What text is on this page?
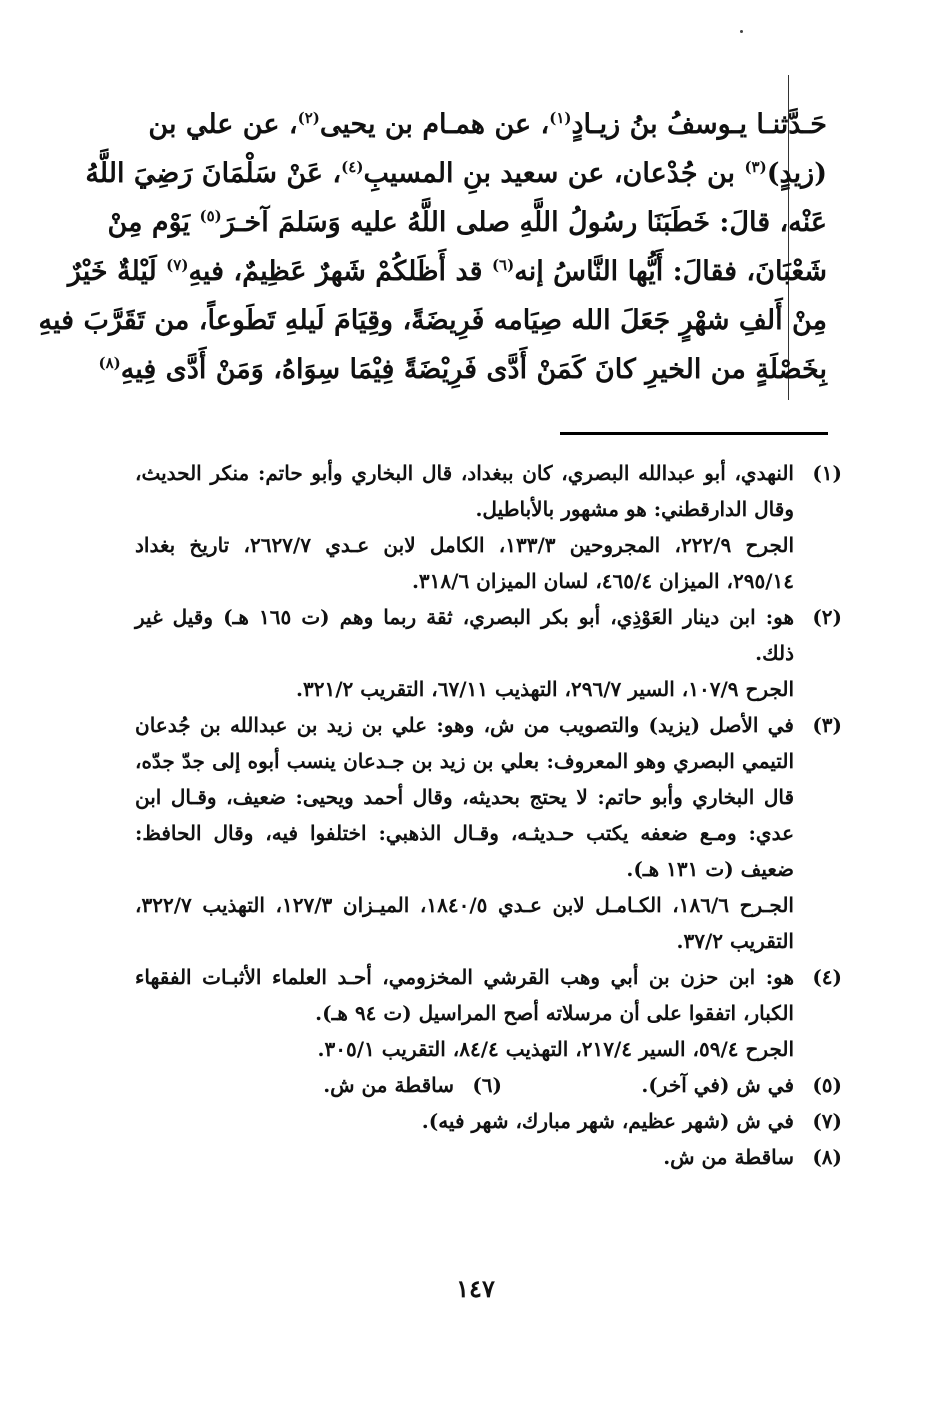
حَـدَّثنـا يـوسفُ بنُ زيـادٍ$^{(١)}$، عن همـام بن يحيى$^{(٢)}$، عن علي بن
(زيدٍ)$^{(٣)}$ بن جُدْعان، عن سعيد بنِ المسيبِ$^{(٤)}$، عَنْ سَلْمَانَ رَضِيَ اللَّهُ
عَنْه، قالَ: خَطَبَنَا رسُولُ اللَّهِ صلى اللَّهُ عليه وَسَلمَ آخـرَ$^{(٥)}$ يَوْم مِنْ
شَعْبَانَ، فقالَ: أَيُّها النَّاسُ إنه$^{(٦)}$ قد أَظَلكُمْ شَهرٌ عَظِيمٌ، فيهِ$^{(٧)}$ لَيْلةٌ خَيْرٌ
مِنْ أَلفِ شهْرٍ جَعَلَ الله صِيَامه فَرِيضَةً، وقِيَامَ لَيلهِ تَطَوعاً، من تَقَرَّبَ فيهِ
بِخَصْلَةٍ من الخيرِ كانَ كَمَنْ أَدَّى فَرِيْضَةً فِيْمَا سِوَاهُ، وَمَنْ أَدَّى فِيهِ$^{(٨)}$
(١)

النهدي، أبو عبدالله البصري، كان ببغداد، قال البخاري وأبو حاتم: منكر الحديث، وقال الدارقطني: هو مشهور بالأباطيل.

الجرح ٢٢٢/٩، المجروحين ١٣٣/٣، الكامل لابن عـدي ٢٦٢٧/٧، تاريخ بغداد ٢٩٥/١٤، الميزان ٤٦٥/٤، لسان الميزان ٣١٨/٦.

(٢)

هو: ابن دينار العَوْذِي، أبو بكر البصري، ثقة ربما وهم (ت ١٦٥ هـ) وقيل غير ذلك.

الجرح ١٠٧/٩، السير ٢٩٦/٧، التهذيب ٦٧/١١، التقريب ٣٢١/٢.

(٣)

في الأصل (يزيد) والتصويب من ش، وهو: علي بن زيد بن عبدالله بن جُدعان التيمي البصري وهو المعروف: بعلي بن زيد بن جـدعان ينسب أبوه إلى جدّ جدّه، قال البخاري وأبو حاتم: لا يحتج بحديثه، وقال أحمد ويحيى: ضعيف، وقـال ابن عدي: ومـع ضعفه يكتب حـديثـه، وقـال الذهبي: اختلفوا فيه، وقال الحافظ: ضعيف (ت ١٣١ هـ).

الجـرح ١٨٦/٦، الكـامـل لابن عـدي ١٨٤٠/٥، الميـزان ١٢٧/٣، التهذيب ٣٢٢/٧، التقريب ٣٧/٢.

(٤)

هو: ابن حزن بن أبي وهب القرشي المخزومي، أحـد العلماء الأثبـات الفقهاء الكبار، اتفقوا على أن مرسلاته أصح المراسيل (ت ٩٤ هـ).

الجرح ٥٩/٤، السير ٢١٧/٤، التهذيب ٨٤/٤، التقريب ٣٠٥/١.

(٥)
في ش (في آخر).
(٦)
ساقطة من ش.
(٧)
في ش (شهر عظيم، شهر مبارك، شهر فيه).
(٨)
ساقطة من ش.
١٤٧
